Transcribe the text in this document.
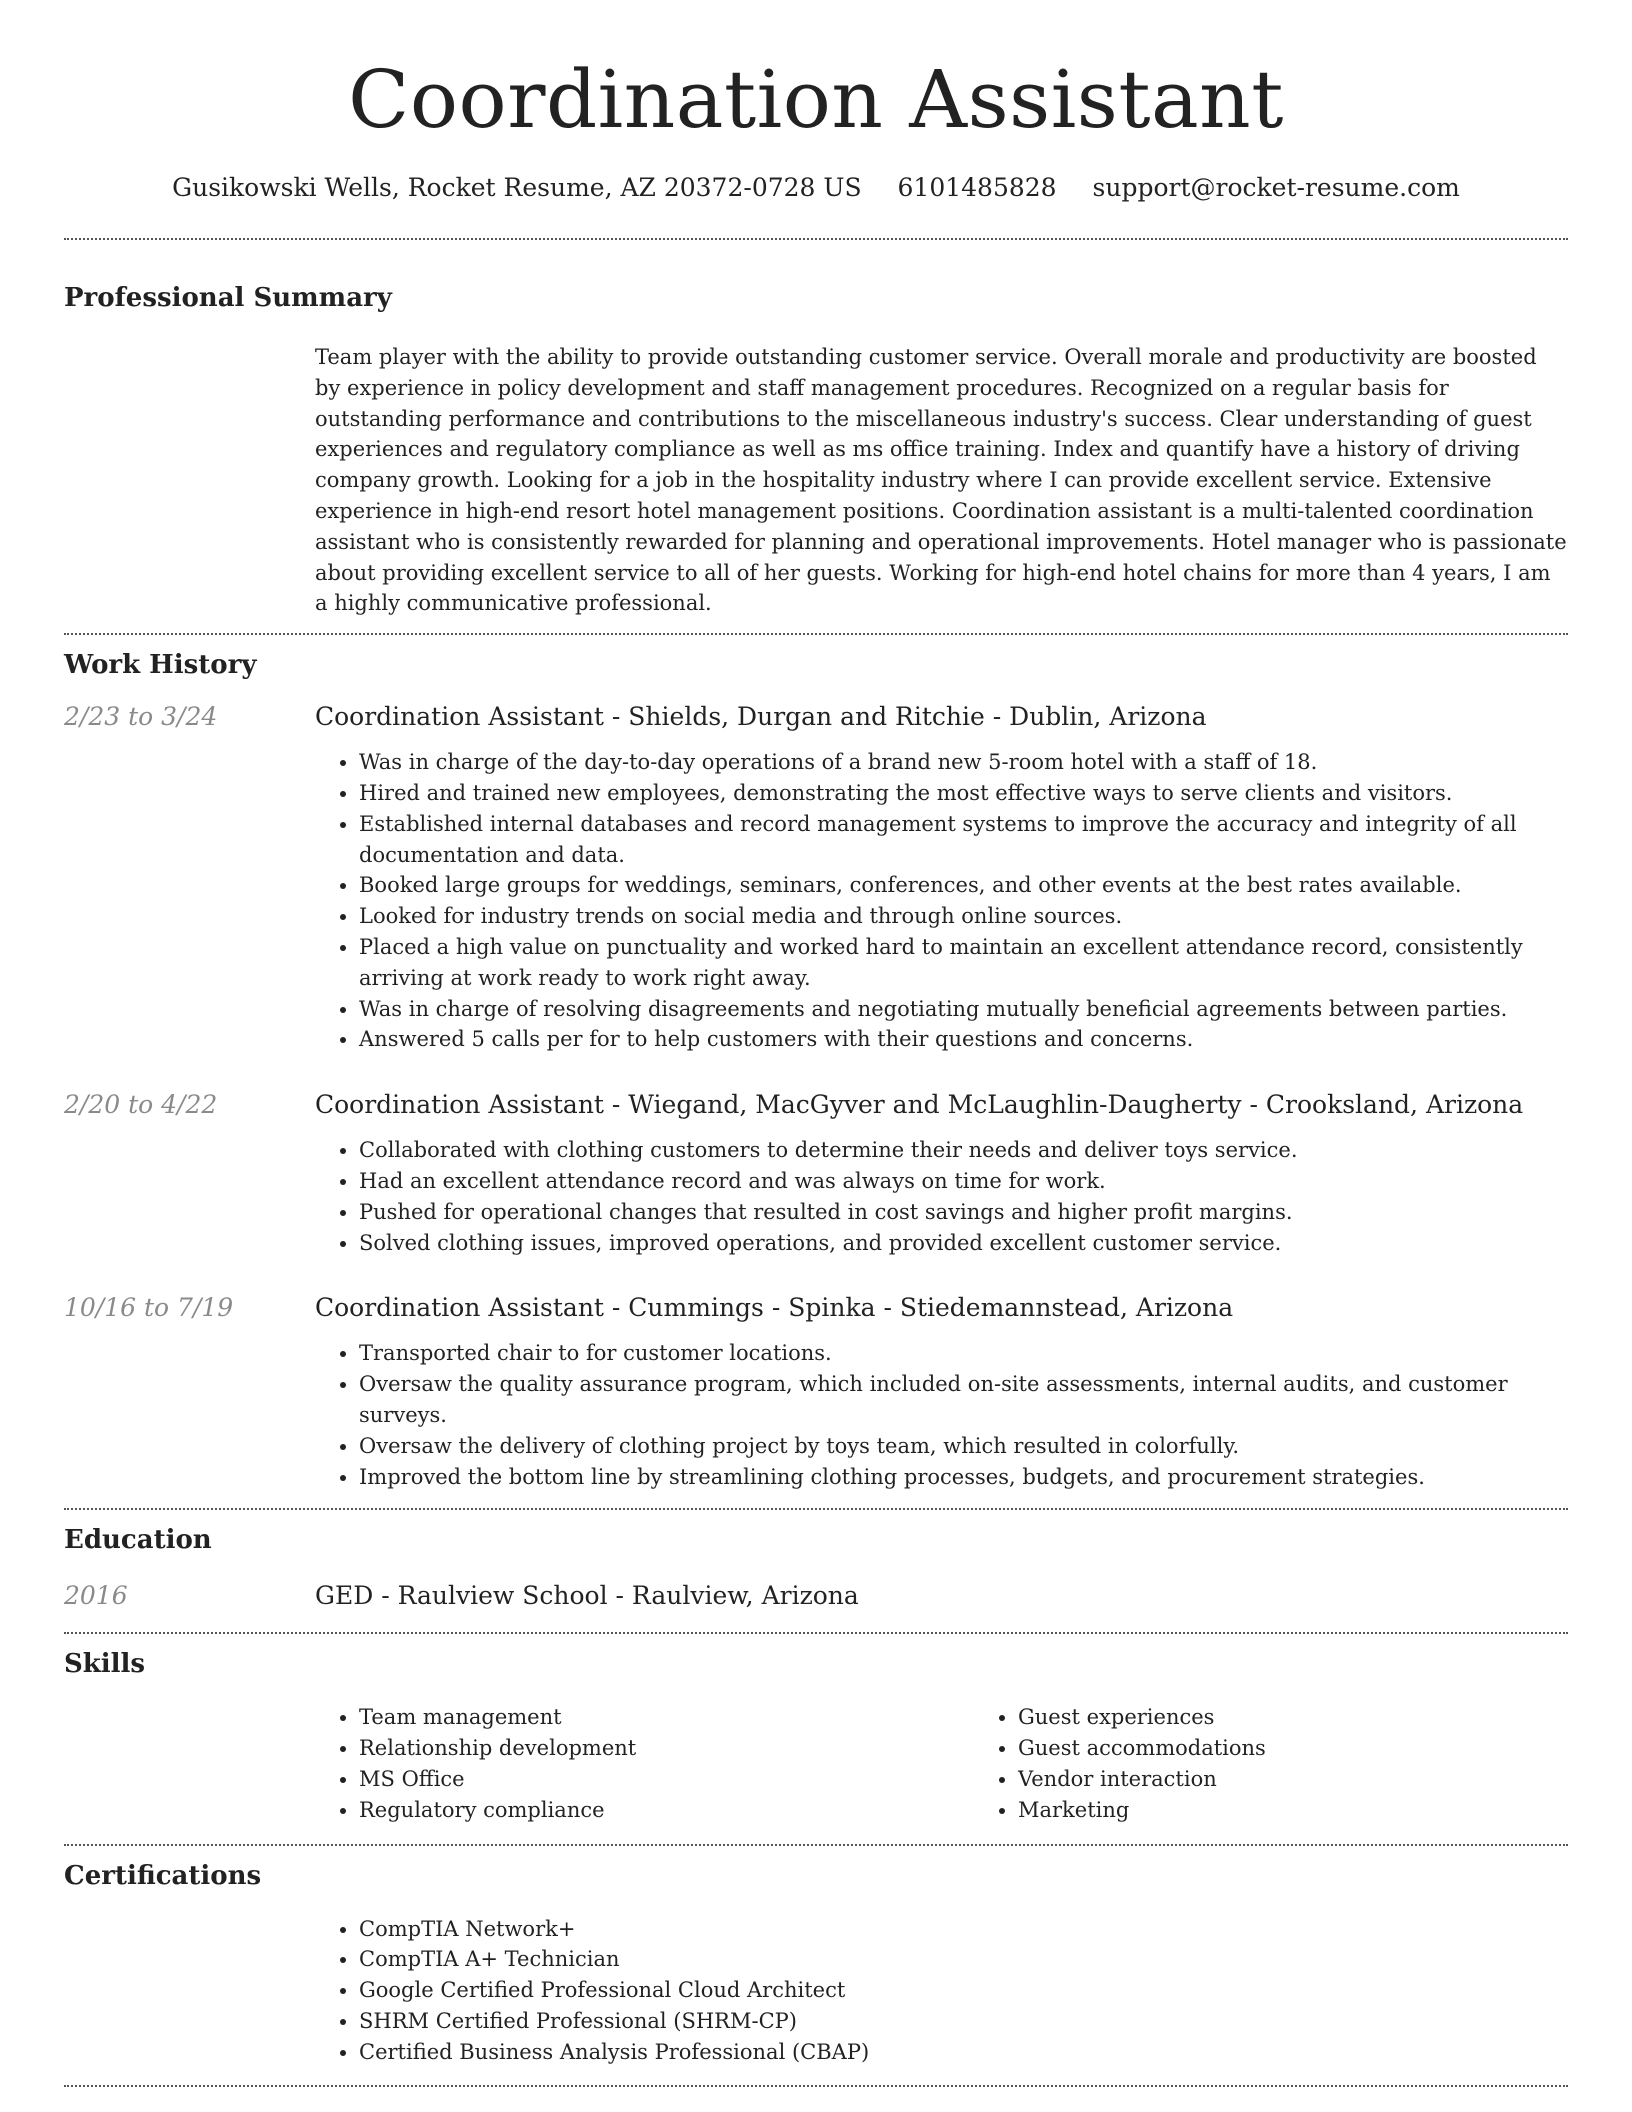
Coordination Assistant
Gusikowski Wells, Rocket Resume, AZ 20372-0728 US 6101485828 support@rocket-resume.com
Professional Summary

Team player with the ability to provide outstanding customer service. Overall morale and productivity are boosted by experience in policy development and staff management procedures. Recognized on a regular basis for outstanding performance and contributions to the miscellaneous industry's success. Clear understanding of guest experiences and regulatory compliance as well as ms office training. Index and quantify have a history of driving company growth. Looking for a job in the hospitality industry where I can provide excellent service. Extensive experience in high-end resort hotel management positions. Coordination assistant is a multi-talented coordination assistant who is consistently rewarded for planning and operational improvements. Hotel manager who is passionate about providing excellent service to all of her guests. Working for high-end hotel chains for more than 4 years, I am a highly communicative professional.

Work History
2/23 to 3/24	Coordination Assistant - Shields, Durgan and Ritchie - Dublin, Arizona
• Was in charge of the day-to-day operations of a brand new 5-room hotel with a staff of 18.
• Hired and trained new employees, demonstrating the most effective ways to serve clients and visitors.
• Established internal databases and record management systems to improve the accuracy and integrity of all documentation and data.
• Booked large groups for weddings, seminars, conferences, and other events at the best rates available.
• Looked for industry trends on social media and through online sources.
• Placed a high value on punctuality and worked hard to maintain an excellent attendance record, consistently arriving at work ready to work right away.
• Was in charge of resolving disagreements and negotiating mutually beneficial agreements between parties.
• Answered 5 calls per for to help customers with their questions and concerns.
2/20 to 4/22	Coordination Assistant - Wiegand, MacGyver and McLaughlin-Daugherty - Crooksland, Arizona
• Collaborated with clothing customers to determine their needs and deliver toys service.
• Had an excellent attendance record and was always on time for work.
• Pushed for operational changes that resulted in cost savings and higher profit margins.
• Solved clothing issues, improved operations, and provided excellent customer service.
10/16 to 7/19	Coordination Assistant - Cummings - Spinka - Stiedemannstead, Arizona
• Transported chair to for customer locations.
• Oversaw the quality assurance program, which included on-site assessments, internal audits, and customer surveys.
• Oversaw the delivery of clothing project by toys team, which resulted in colorfully.
• Improved the bottom line by streamlining clothing processes, budgets, and procurement strategies.
Education
2016	GED - Raulview School - Raulview, Arizona
Skills
• Team management
• Relationship development
• MS Office
• Regulatory compliance
• Guest experiences
• Guest accommodations
• Vendor interaction
• Marketing
Certifications
• CompTIA Network+
• CompTIA A+ Technician
• Google Certified Professional Cloud Architect
• SHRM Certified Professional (SHRM-CP)
• Certified Business Analysis Professional (CBAP)
